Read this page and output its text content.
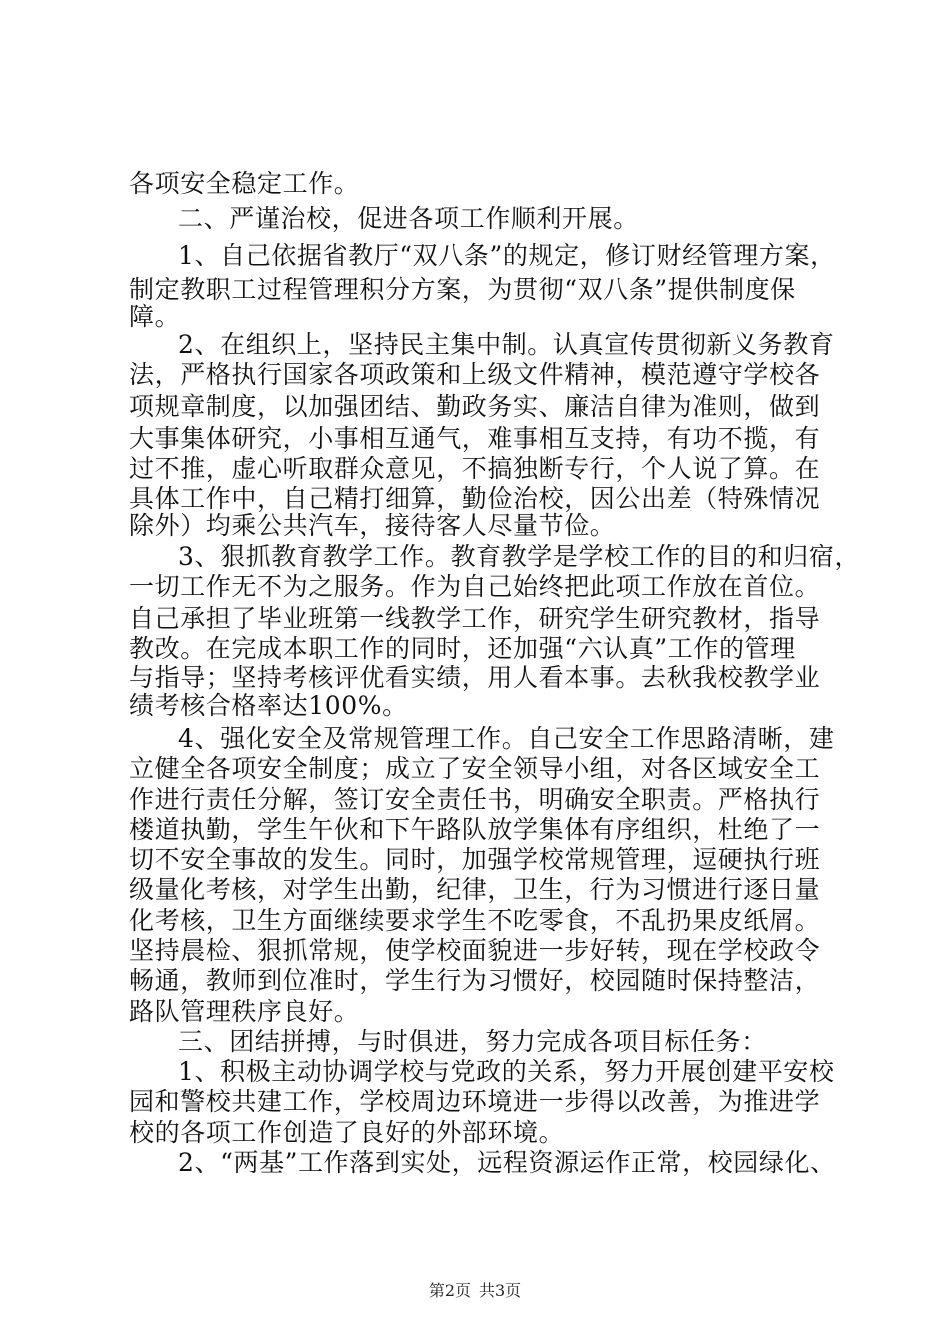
各项安全稳定工作。
二、严谨治校，促进各项工作顺利开展。
1、自己依据省教厅“双八条”的规定，修订财经管理方案，
制定教职工过程管理积分方案，为贯彻“双八条”提供制度保
障。
2、在组织上，坚持民主集中制。认真宣传贯彻新义务教育
法，严格执行国家各项政策和上级文件精神，模范遵守学校各
项规章制度，以加强团结、勤政务实、廉洁自律为准则，做到
大事集体研究，小事相互通气，难事相互支持，有功不揽，有
过不推，虚心听取群众意见，不搞独断专行，个人说了算。在
具体工作中，自己精打细算，勤俭治校，因公出差（特殊情况
除外）均乘公共汽车，接待客人尽量节俭。
3、狠抓教育教学工作。教育教学是学校工作的目的和归宿，
一切工作无不为之服务。作为自己始终把此项工作放在首位。
自己承担了毕业班第一线教学工作，研究学生研究教材，指导
教改。在完成本职工作的同时，还加强“六认真”工作的管理
与指导；坚持考核评优看实绩，用人看本事。去秋我校教学业
绩考核合格率达100%。
4、强化安全及常规管理工作。自己安全工作思路清晰，建
立健全各项安全制度；成立了安全领导小组，对各区域安全工
作进行责任分解，签订安全责任书，明确安全职责。严格执行
楼道执勤，学生午伙和下午路队放学集体有序组织，杜绝了一
切不安全事故的发生。同时，加强学校常规管理，逗硬执行班
级量化考核，对学生出勤，纪律，卫生，行为习惯进行逐日量
化考核，卫生方面继续要求学生不吃零食，不乱扔果皮纸屑。
坚持晨检、狠抓常规，使学校面貌进一步好转，现在学校政令
畅通，教师到位准时，学生行为习惯好，校园随时保持整洁，
路队管理秩序良好。
三、团结拼搏，与时俱进，努力完成各项目标任务：
1、积极主动协调学校与党政的关系，努力开展创建平安校
园和警校共建工作，学校周边环境进一步得以改善，为推进学
校的各项工作创造了良好的外部环境。
2、“两基”工作落到实处，远程资源运作正常，校园绿化、
第2页 共3页
